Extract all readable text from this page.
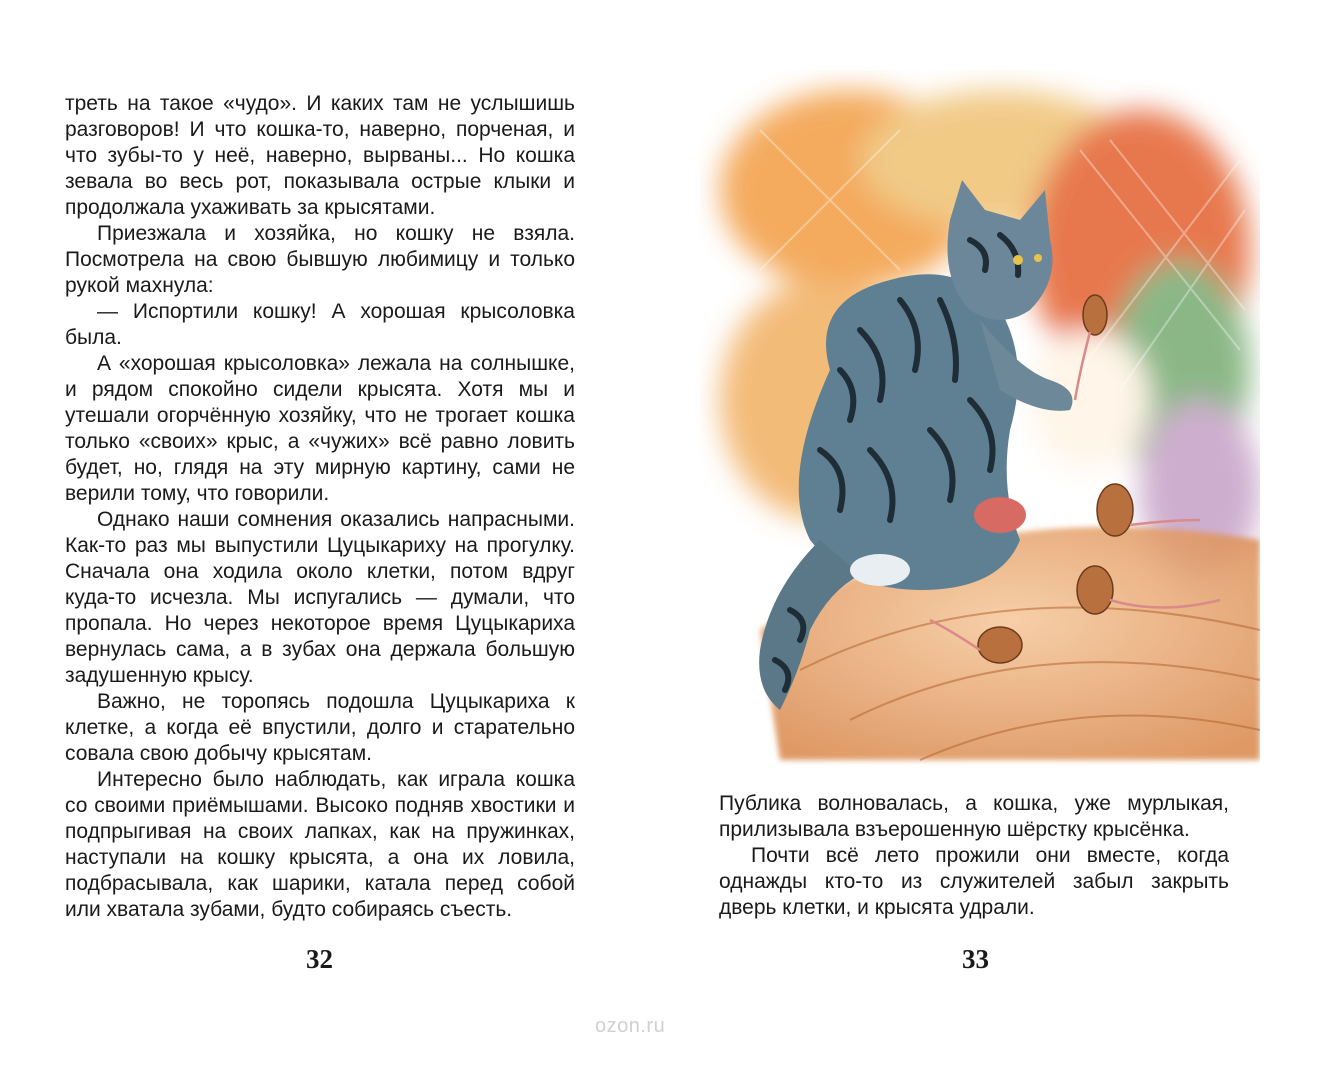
треть на такое «чудо». И каких там не услышишь разговоров! И что кошка-то, наверно, порченая, и что зубы-то у неё, наверно, вырваны... Но кошка зевала во весь рот, показывала острые клыки и продолжала ухаживать за крысятами.

Приезжала и хозяйка, но кошку не взяла. Посмотрела на свою бывшую любимицу и только рукой махнула:

— Испортили кошку! А хорошая крысоловка была.

А «хорошая крысоловка» лежала на солнышке, и рядом спокойно сидели крысята. Хотя мы и утешали огорчённую хозяйку, что не трогает кошка только «своих» крыс, а «чужих» всё равно ловить будет, но, глядя на эту мирную картину, сами не верили тому, что говорили.

Однако наши сомнения оказались напрасными. Как-то раз мы выпустили Цуцыкариху на прогулку. Сначала она ходила около клетки, потом вдруг куда-то исчезла. Мы испугались — думали, что пропала. Но через некоторое время Цуцыкариха вернулась сама, а в зубах она держала большую задушенную крысу.

Важно, не торопясь подошла Цуцыкариха к клетке, а когда её впустили, долго и старательно совала свою добычу крысятам.

Интересно было наблюдать, как играла кошка со своими приёмышами. Высоко подняв хвостики и подпрыгивая на своих лапках, как на пружинках, наступали на кошку крысята, а она их ловила, подбрасывала, как шарики, катала перед собой или хватала зубами, будто собираясь съесть.

32

Публика волновалась, а кошка, уже мурлыкая, прилизывала взъерошенную шёрстку крысёнка.

Почти всё лето прожили они вместе, когда однажды кто-то из служителей забыл закрыть дверь клетки, и крысята удрали.

33
ozon.ru
